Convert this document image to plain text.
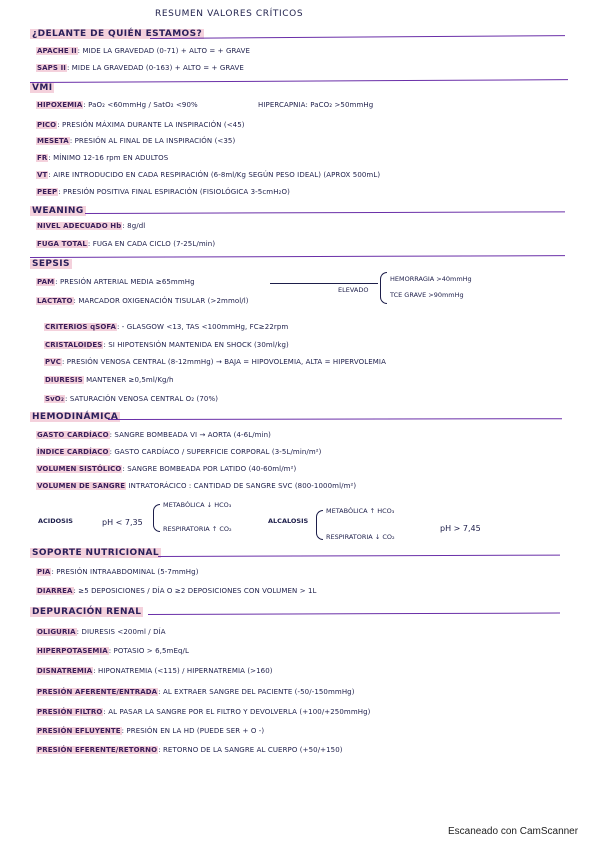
RESUMEN VALORES CRÍTICOS
¿DELANTE DE QUIÉN ESTAMOS?
APACHE II: MIDE LA GRAVEDAD (0-71) + ALTO = + GRAVE
SAPS II: MIDE LA GRAVEDAD (0-163) + ALTO = + GRAVE
VMI
HIPOXEMIA: PaO₂ <60mmHg / SatO₂ <90%	HIPERCAPNIA: PaCO₂ >50mmHg
PICO: PRESIÓN MÁXIMA DURANTE LA INSPIRACIÓN (<45)
MESETA: PRESIÓN AL FINAL DE LA INSPIRACIÓN (<35)
FR: MÍNIMO 12-16 rpm EN ADULTOS
VT: AIRE INTRODUCIDO EN CADA RESPIRACIÓN (6-8ml/Kg SEGÚN PESO IDEAL) (APROX 500mL)
PEEP: PRESIÓN POSITIVA FINAL ESPIRACIÓN (FISIOLÓGICA 3-5cmH₂O)
WEANING
NIVEL ADECUADO Hb: 8g/dl
FUGA TOTAL: FUGA EN CADA CICLO (7-25L/min)
SEPSIS
PAM: PRESIÓN ARTERIAL MEDIA ≥65mmHg
ELEVADO
HEMORRAGIA >40mmHg
TCE GRAVE >90mmHg
LACTATO: MARCADOR OXIGENACIÓN TISULAR (>2mmol/l)
CRITERIOS qSOFA: - GLASGOW <13, TAS <100mmHg, FC≥22rpm
CRISTALOIDES: SI HIPOTENSIÓN MANTENIDA EN SHOCK (30ml/kg)
PVC: PRESIÓN VENOSA CENTRAL (8-12mmHg) → BAJA = HIPOVOLEMIA, ALTA = HIPERVOLEMIA
DIURESIS MANTENER ≥0,5ml/Kg/h
SvO₂: SATURACIÓN VENOSA CENTRAL O₂ (70%)
HEMODINÁMICA
GASTO CARDÍACO: SANGRE BOMBEADA VI → AORTA (4-6L/min)
ÍNDICE CARDÍACO: GASTO CARDÍACO / SUPERFICIE CORPORAL (3-5L/min/m²)
VOLUMEN SISTÓLICO: SANGRE BOMBEADA POR LATIDO (40-60ml/m²)
VOLUMEN DE SANGRE INTRATORÁCICO : CANTIDAD DE SANGRE SVC (800-1000ml/m²)
ACIDOSIS	pH < 7,35
METABÓLICA ↓ HCO₃
RESPIRATORIA ↑ CO₂
ALCALOSIS
METABÓLICA ↑ HCO₃
RESPIRATORIA ↓ CO₂
pH > 7,45
SOPORTE NUTRICIONAL
PIA: PRESIÓN INTRAABDOMINAL (5-7mmHg)
DIARREA: ≥5 DEPOSICIONES / DÍA O ≥2 DEPOSICIONES CON VOLUMEN > 1L
DEPURACIÓN RENAL
OLIGURIA: DIURESIS <200ml / DÍA
HIPERPOTASEMIA: POTASIO > 6,5mEq/L
DISNATREMIA: HIPONATREMIA (<115) / HIPERNATREMIA (>160)
PRESIÓN AFERENTE/ENTRADA: AL EXTRAER SANGRE DEL PACIENTE (-50/-150mmHg)
PRESIÓN FILTRO: AL PASAR LA SANGRE POR EL FILTRO Y DEVOLVERLA (+100/+250mmHg)
PRESIÓN EFLUYENTE: PRESIÓN EN LA HD (PUEDE SER + O -)
PRESIÓN EFERENTE/RETORNO: RETORNO DE LA SANGRE AL CUERPO (+50/+150)
Escaneado con CamScanner
